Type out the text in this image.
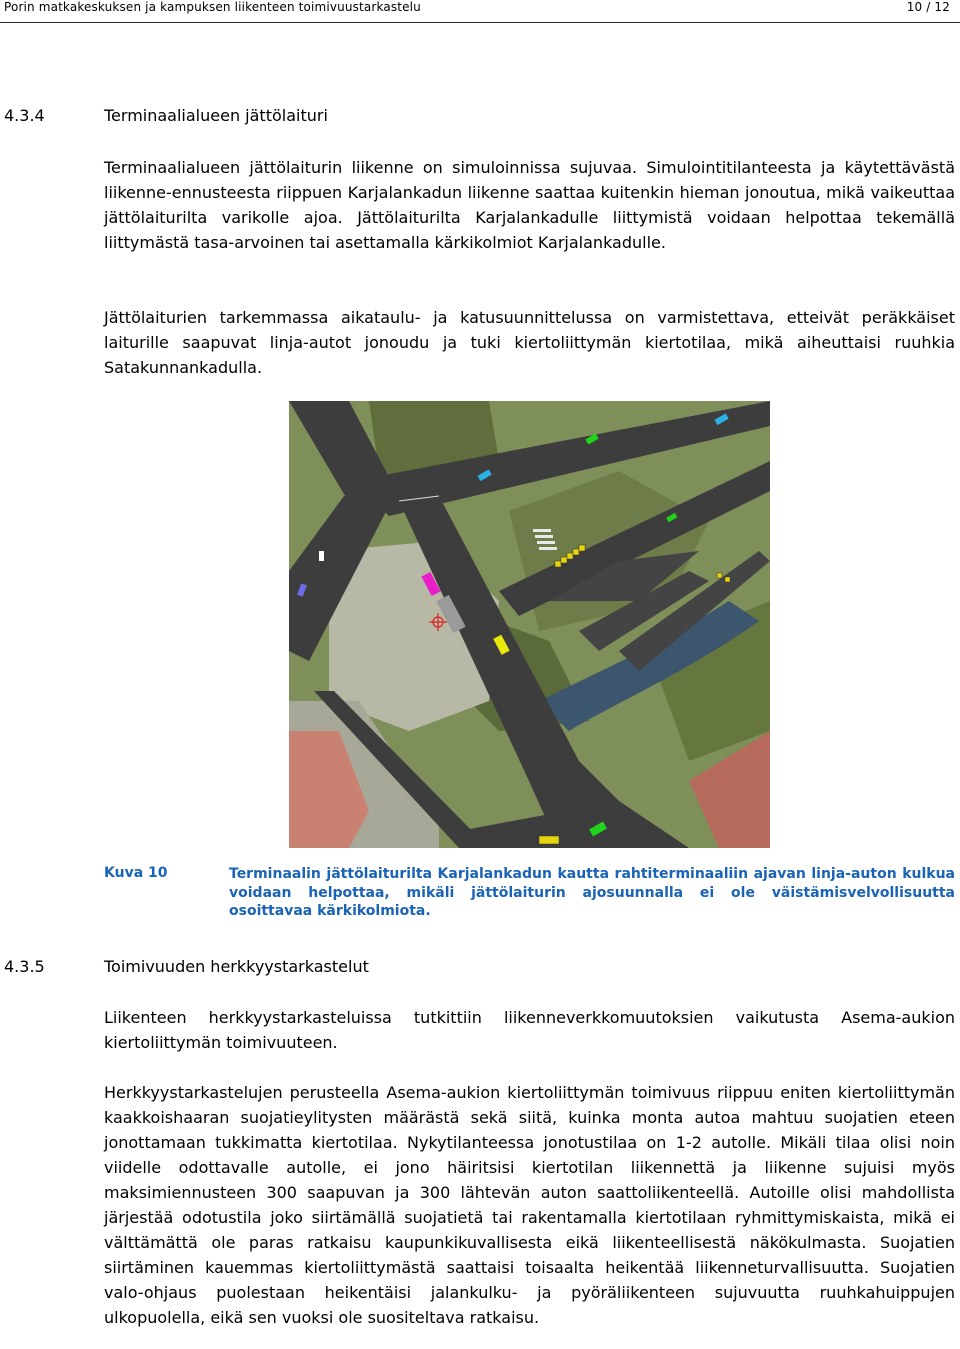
Porin matkakeskuksen ja kampuksen liikenteen toimivuustarkastelu	10 / 12
4.3.4	Terminaalialueen jättölaituri
Terminaalialueen jättölaiturin liikenne on simuloinnissa sujuvaa. Simulointitilanteesta ja käytettävästä liikenne-ennusteesta riippuen Karjalankadun liikenne saattaa kuitenkin hieman jonoutua, mikä vaikeuttaa jättölaiturilta varikolle ajoa. Jättölaiturilta Karjalankadulle liittymistä voidaan helpottaa tekemällä liittymästä tasa-arvoinen tai asettamalla kärkikolmiot Karjalankadulle.
Jättölaiturien tarkemmassa aikataulu- ja katusuunnittelussa on varmistettava, etteivät peräkkäiset laiturille saapuvat linja-autot jonoudu ja tuki kiertoliittymän kiertotilaa, mikä aiheuttaisi ruuhkia Satakunnankadulla.
Kuva 10	Terminaalin jättölaiturilta Karjalankadun kautta rahtiterminaaliin ajavan linja-auton kulkua voidaan helpottaa, mikäli jättölaiturin ajosuunnalla ei ole väistämisvelvollisuutta osoittavaa kärkikolmiota.
4.3.5	Toimivuuden herkkyystarkastelut
Liikenteen herkkyystarkasteluissa tutkittiin liikenneverkkomuutoksien vaikutusta Asema-aukion kiertoliittymän toimivuuteen.
Herkkyystarkastelujen perusteella Asema-aukion kiertoliittymän toimivuus riippuu eniten kiertoliittymän kaakkoishaaran suojatieylitysten määrästä sekä siitä, kuinka monta autoa mahtuu suojatien eteen jonottamaan tukkimatta kiertotilaa. Nykytilanteessa jonotustilaa on 1-2 autolle. Mikäli tilaa olisi noin viidelle odottavalle autolle, ei jono häiritsisi kiertotilan liikennettä ja liikenne sujuisi myös maksimiennusteen 300 saapuvan ja 300 lähtevän auton saattoliikenteellä. Autoille olisi mahdollista järjestää odotustila joko siirtämällä suojatietä tai rakentamalla kiertotilaan ryhmittymiskaista, mikä ei välttämättä ole paras ratkaisu kaupunkikuvallisesta eikä liikenteellisestä näkökulmasta. Suojatien siirtäminen kauemmas kiertoliittymästä saattaisi toisaalta heikentää liikenneturvallisuutta. Suojatien valo-ohjaus puolestaan heikentäisi jalankulku- ja pyöräliikenteen sujuvuutta ruuhkahuippujen ulkopuolella, eikä sen vuoksi ole suositeltava ratkaisu.
